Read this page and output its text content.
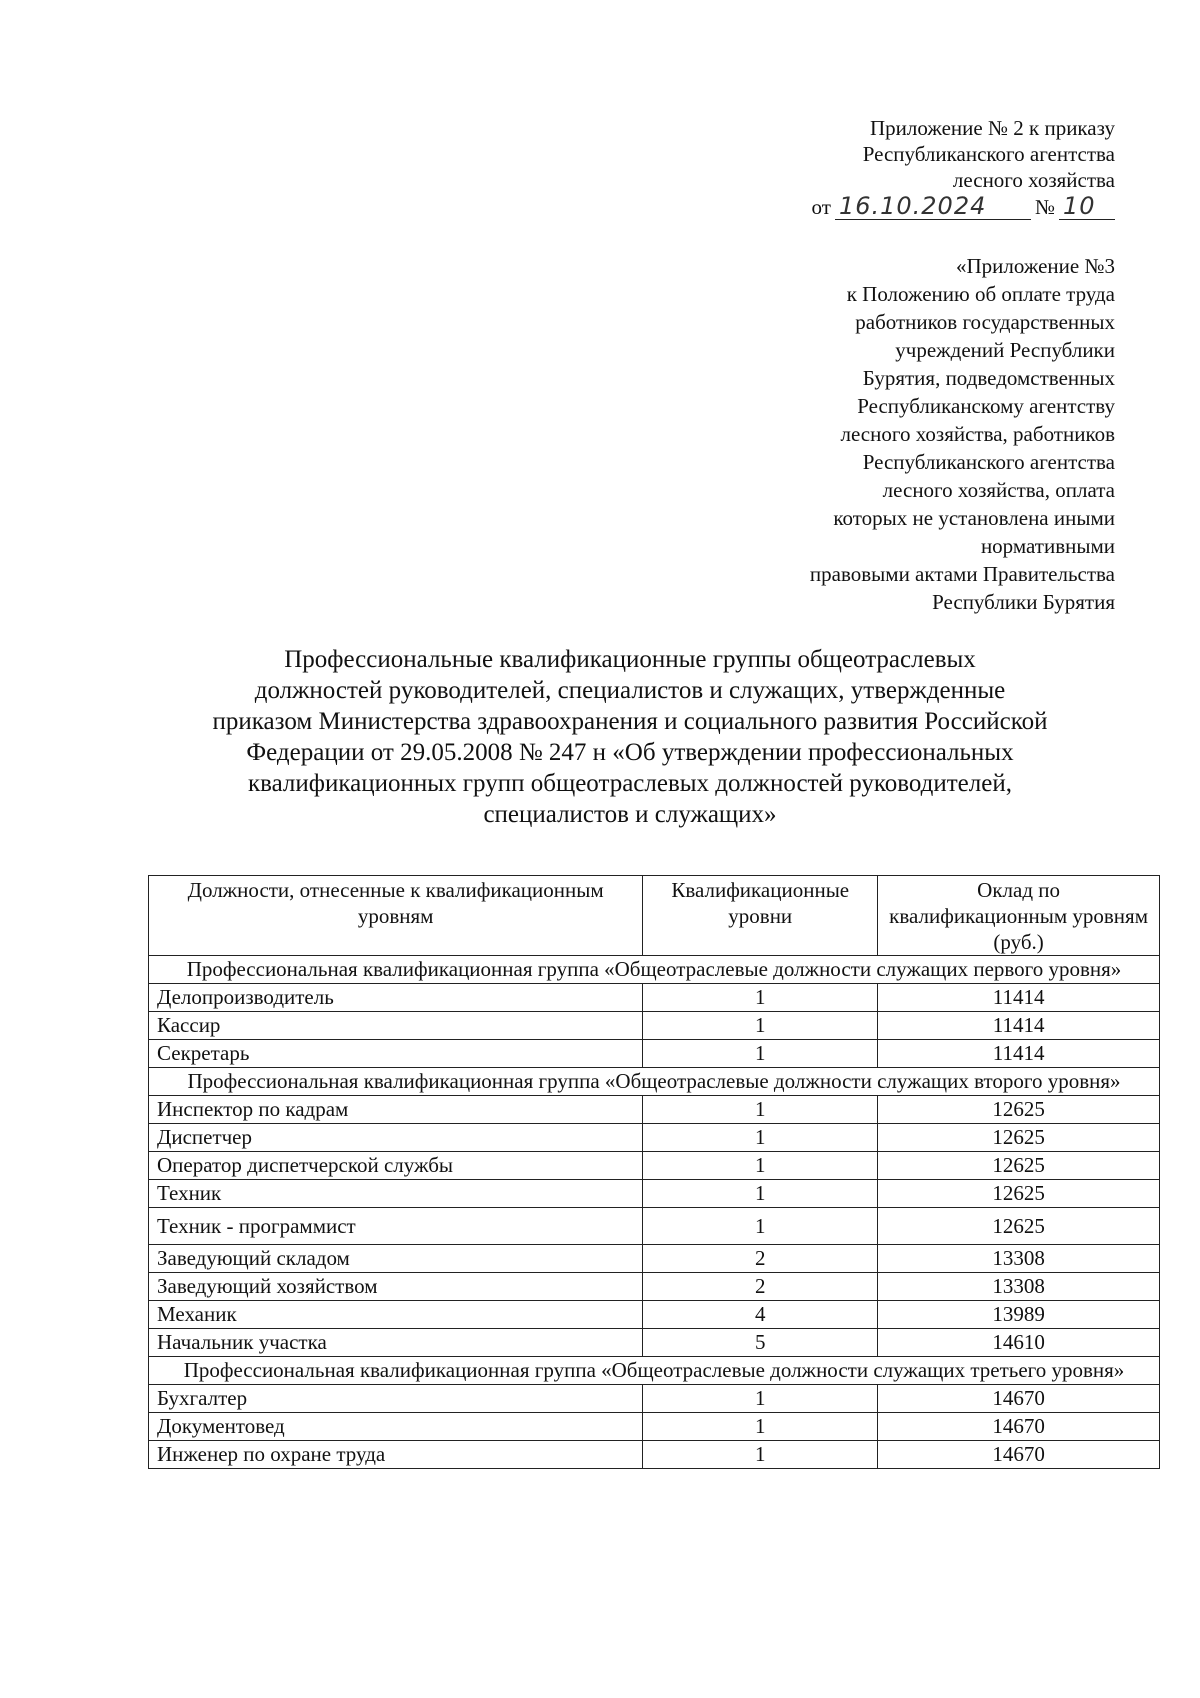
Приложение № 2 к приказу
Республиканского агентства
лесного хозяйства
от 16.10.2024	№ 10

«Приложение №3

к Положению об оплате труда

работников государственных

учреждений Республики

Бурятия, подведомственных

Республиканскому агентству

лесного хозяйства, работников

Республиканского агентства

лесного хозяйства, оплата

которых не установлена иными

нормативными

правовыми актами Правительства

Республики Бурятия

Профессиональные квалификационные группы общеотраслевых

должностей руководителей, специалистов и служащих, утвержденные

приказом Министерства здравоохранения и социального развития Российской

Федерации от 29.05.2008 № 247 н «Об утверждении профессиональных

квалификационных групп общеотраслевых должностей руководителей,

специалистов и служащих»

Должности, отнесенные к квалификационным уровням	Квалификационные уровни	Оклад по квалификационным уровням (руб.)
Профессиональная квалификационная группа «Общеотраслевые должности служащих первого уровня»		
Делопроизводитель	1	11414
Кассир	1	11414
Секретарь	1	11414
Профессиональная квалификационная группа «Общеотраслевые должности служащих второго уровня»		
Инспектор по кадрам	1	12625
Диспетчер	1	12625
Оператор диспетчерской службы	1	12625
Техник	1	12625
Техник - программист	1	12625
Заведующий складом	2	13308
Заведующий хозяйством	2	13308
Механик	4	13989
Начальник участка	5	14610
Профессиональная квалификационная группа «Общеотраслевые должности служащих третьего уровня»		
Бухгалтер	1	14670
Документовед	1	14670
Инженер по охране труда	1	14670
